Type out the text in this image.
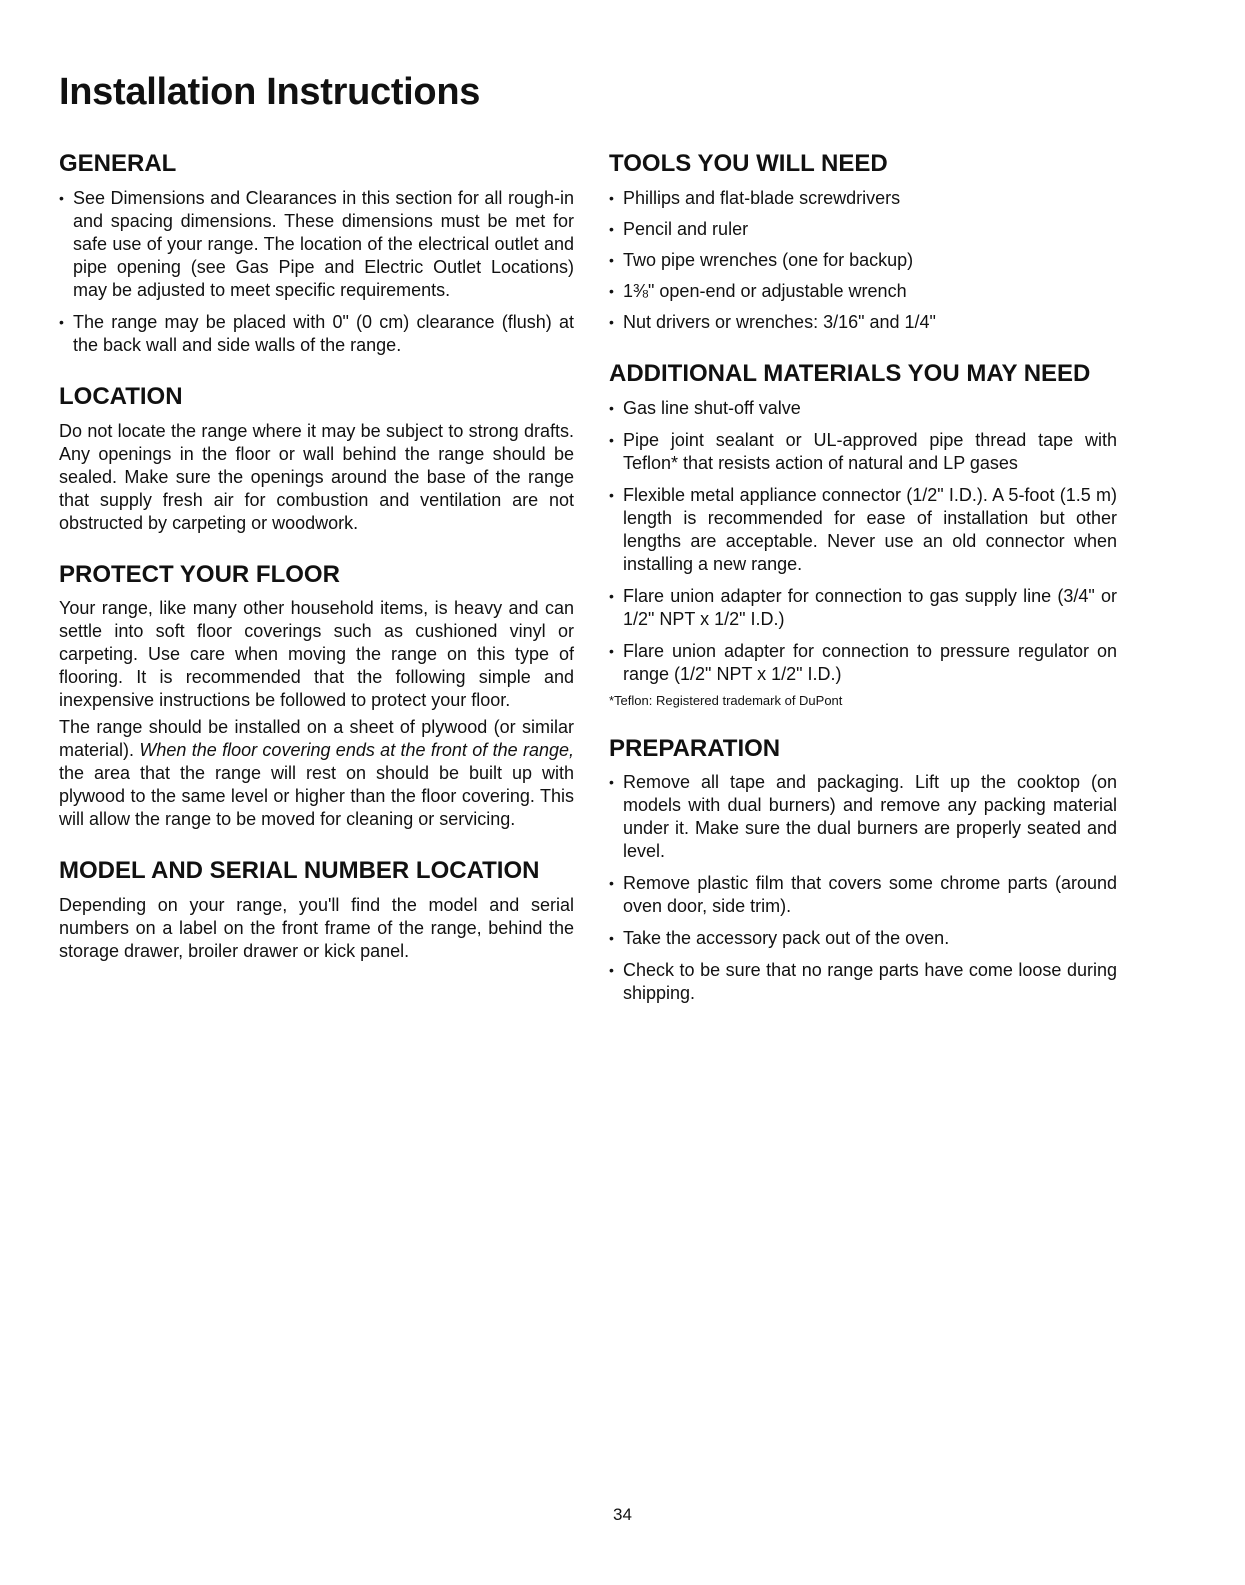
Installation Instructions
GENERAL
• See Dimensions and Clearances in this section for all rough-in and spacing dimensions. These dimensions must be met for safe use of your range. The location of the electrical outlet and pipe opening (see Gas Pipe and Electric Outlet Locations) may be adjusted to meet specific requirements.
• The range may be placed with 0" (0 cm) clearance (flush) at the back wall and side walls of the range.
LOCATION

Do not locate the range where it may be subject to strong drafts. Any openings in the floor or wall behind the range should be sealed. Make sure the openings around the base of the range that supply fresh air for combustion and ventilation are not obstructed by carpeting or woodwork.

PROTECT YOUR FLOOR

Your range, like many other household items, is heavy and can settle into soft floor coverings such as cushioned vinyl or carpeting. Use care when moving the range on this type of flooring. It is recommended that the following simple and inexpensive instructions be followed to protect your floor.

The range should be installed on a sheet of plywood (or similar material). When the floor covering ends at the front of the range, the area that the range will rest on should be built up with plywood to the same level or higher than the floor covering. This will allow the range to be moved for cleaning or servicing.

MODEL AND SERIAL NUMBER LOCATION

Depending on your range, you'll find the model and serial numbers on a label on the front frame of the range, behind the storage drawer, broiler drawer or kick panel.

TOOLS YOU WILL NEED
• Phillips and flat-blade screwdrivers
• Pencil and ruler
• Two pipe wrenches (one for backup)
• 1⅜" open-end or adjustable wrench
• Nut drivers or wrenches: 3/16" and 1/4"
ADDITIONAL MATERIALS YOU MAY NEED
• Gas line shut-off valve
• Pipe joint sealant or UL-approved pipe thread tape with Teflon* that resists action of natural and LP gases
• Flexible metal appliance connector (1/2" I.D.). A 5-foot (1.5 m) length is recommended for ease of installation but other lengths are acceptable. Never use an old connector when installing a new range.
• Flare union adapter for connection to gas supply line (3/4" or 1/2" NPT x 1/2" I.D.)
• Flare union adapter for connection to pressure regulator on range (1/2" NPT x 1/2" I.D.)
*Teflon: Registered trademark of DuPont
PREPARATION
• Remove all tape and packaging. Lift up the cooktop (on models with dual burners) and remove any packing material under it. Make sure the dual burners are properly seated and level.
• Remove plastic film that covers some chrome parts (around oven door, side trim).
• Take the accessory pack out of the oven.
• Check to be sure that no range parts have come loose during shipping.
34
